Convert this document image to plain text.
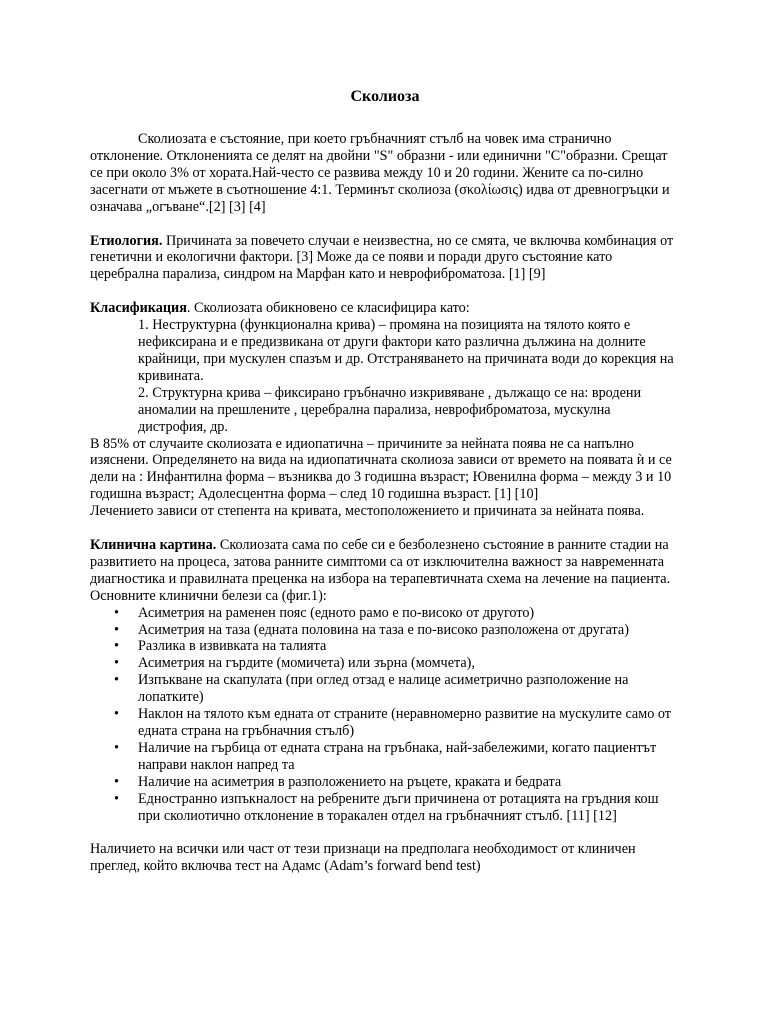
Сколиоза

Сколиозата е състояние, при което гръбначният стълб на човек има странично отклонение. Отклоненията се делят на двойни "S" образни - или единични "C"образни. Срещат се при около 3% от хората.Най-често се развива между 10 и 20 години. Жените са по-силно засегнати от мъжете в съотношение 4:1. Терминът сколиоза (σκολίωσις) идва от древногръцки и означава „огъване“.[2] [3] [4]

Етиология. Причината за повечето случаи е неизвестна, но се смята, че включва комбинация от генетични и екологични фактори. [3] Може да се появи и поради друго състояние като церебрална парализа, синдром на Марфан като и неврофиброматоза. [1] [9]

Класификация. Сколиозата обикновено се класифицира като:

1. Неструктурна (функционална крива) – промяна на позицията на тялото която е нефиксирана и е предизвикана от други фактори като различна дължина на долните крайници, при мускулен спазъм и др. Отстраняването на причината води до корекция на кривината.

2. Структурна крива – фиксирано гръбначно изкривяване , дължащо се на: вродени аномалии на прешлените , церебрална парализа, неврофиброматоза, мускулна дистрофия, др.

В 85% от случаите сколиозата е идиопатична – причините за нейната поява не са напълно изяснени. Определянето на вида на идиопатичната сколиоза зависи от времето на появата ѝ и се дели на : Инфантилна форма – възниква до 3 годишна възраст; Ювенилна форма – между 3 и 10 годишна възраст; Адолесцентна форма – след 10 годишна възраст. [1] [10]

Лечението зависи от степента на кривата, местоположението и причината за нейната поява.

Клинична картина. Сколиозата сама по себе си е безболезнено състояние в ранните стадии на развитието на процеса, затова ранните симптоми са от изключителна важност за навременната диагностика и правилната преценка на избора на терапевтичната схема на лечение на пациента. Основните клинични белези са (фиг.1):

• Асиметрия на раменен пояс (едното рамо е по-високо от другото)
• Асиметрия на таза (едната половина на таза е по-високо разположена от другата)
• Разлика в извивката на талията
• Асиметрия на гърдите (момичета) или зърна (момчета),
• Изпъкване на скапулата (при оглед отзад е налице асиметрично разположение на лопатките)
• Наклон на тялото към едната от страните (неравномерно развитие на мускулите само от едната страна на гръбначния стълб)
• Наличие на гърбица от едната страна на гръбнака, най-забележими, когато пациентът направи наклон напред та
• Наличие на асиметрия в разположението на ръцете, краката и бедрата
• Едностранно изпъкналост на ребрените дъги причинена от ротацията на гръдния кош при сколиотично отклонение в торакален отдел на гръбначният стълб. [11] [12]

Наличието на всички или част от тези признаци на предполага необходимост от клиничен преглед, който включва тест на Адамс (Adam’s forward bend test)
